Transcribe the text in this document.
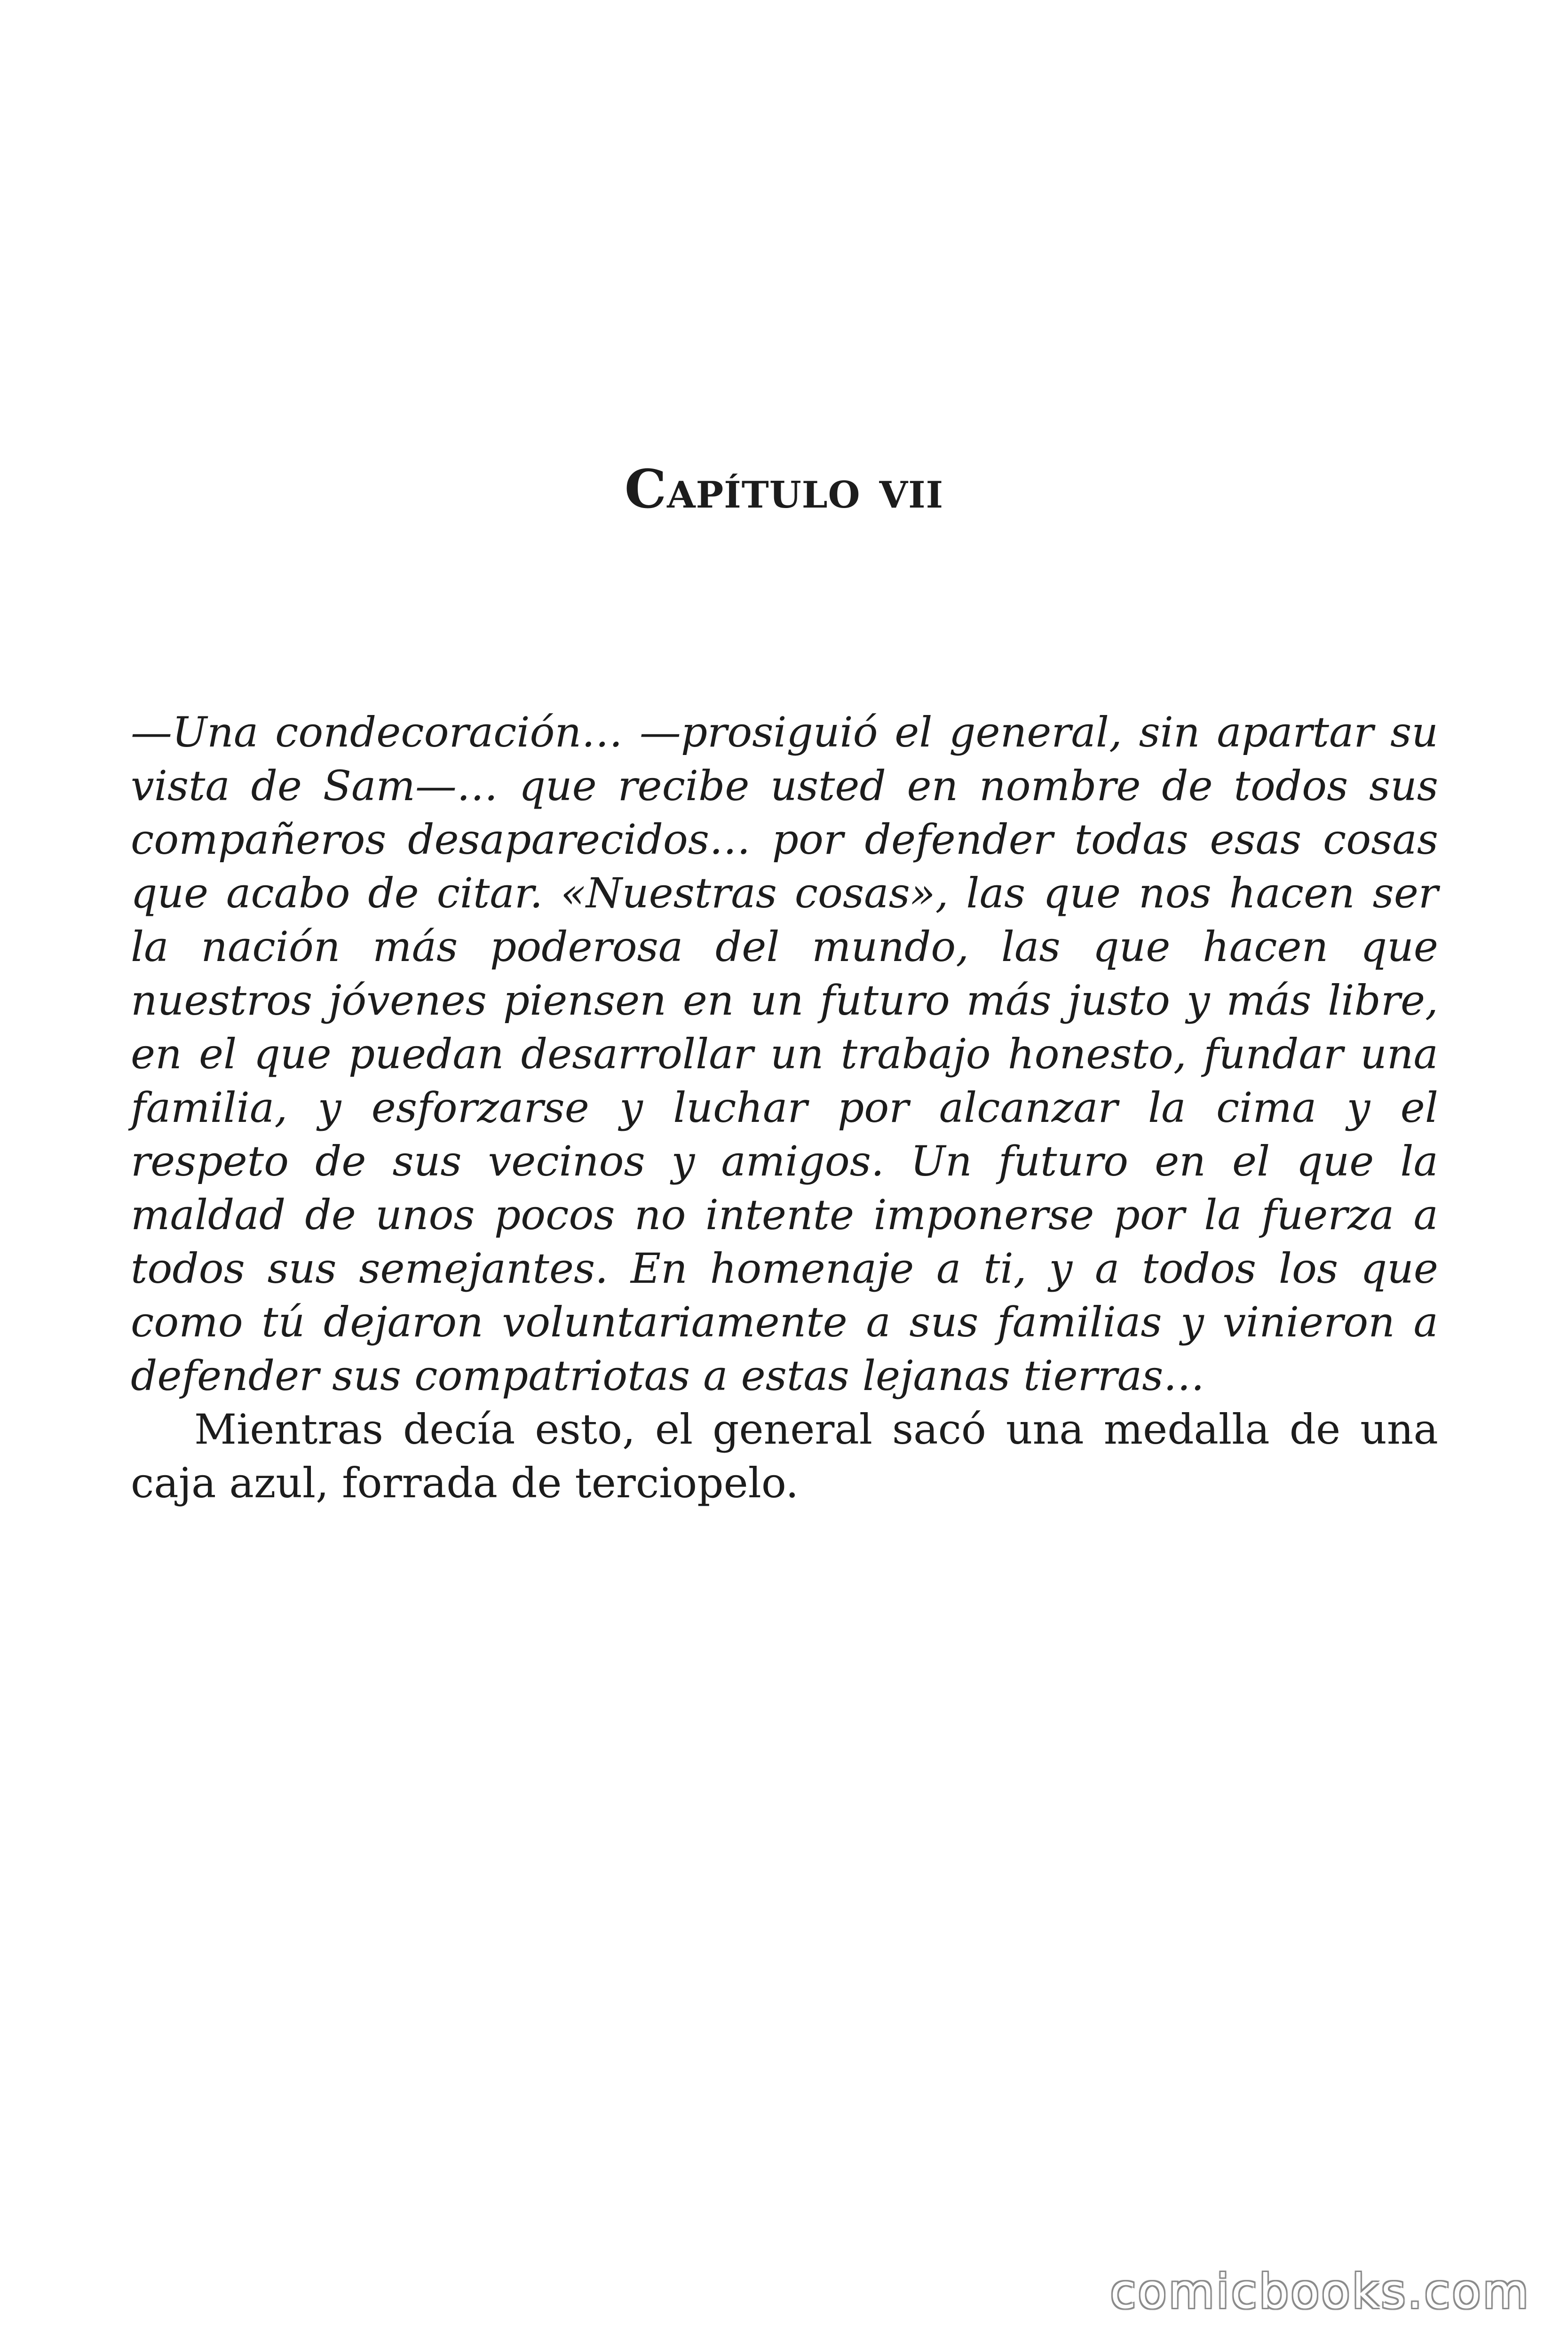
Capítulo vii

—Una condecoración… —prosiguió el general, sin apartar su vista de Sam—… que recibe usted en nombre de todos sus compañeros desaparecidos… por defender todas esas cosas que acabo de citar. «Nuestras cosas», las que nos hacen ser la nación más poderosa del mundo, las que hacen que nuestros jóvenes piensen en un futuro más justo y más libre, en el que puedan desarrollar un trabajo honesto, fundar una familia, y esforzarse y luchar por alcanzar la cima y el respeto de sus vecinos y amigos. Un futuro en el que la maldad de unos pocos no intente imponerse por la fuerza a todos sus semejantes. En homenaje a ti, y a todos los que como tú dejaron voluntariamente a sus familias y vinieron a defender sus compatriotas a estas lejanas tierras…

Mientras decía esto, el general sacó una medalla de una caja azul, forrada de terciopelo.

comicbooks.com
